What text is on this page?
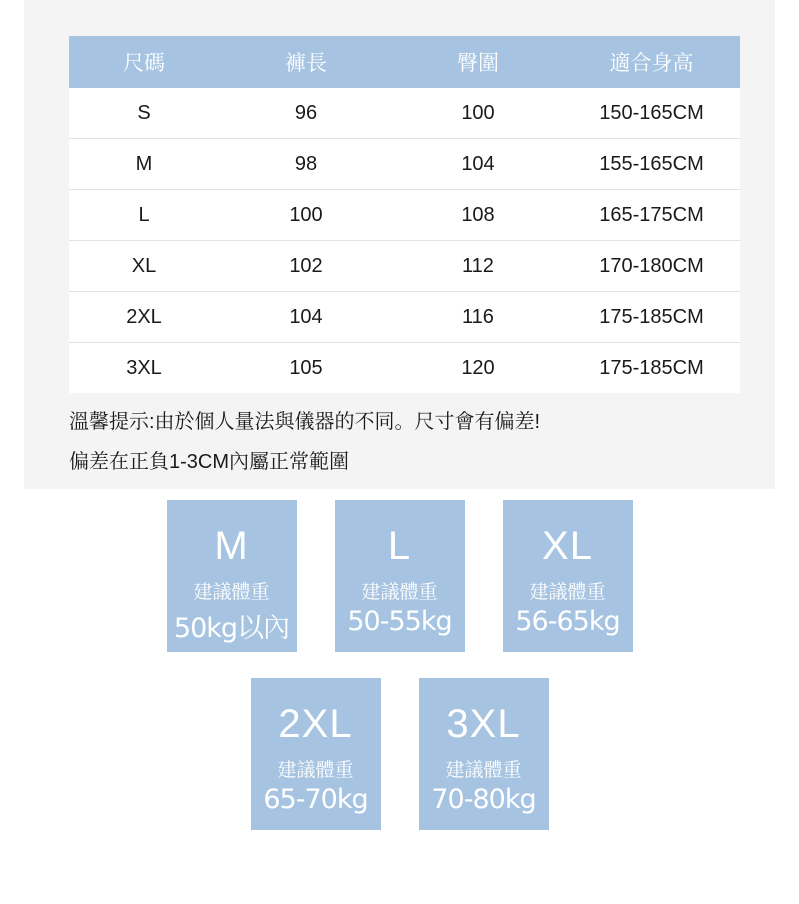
尺碼	褲長	臀圍	適合身高
S	96	100	150-165CM
M	98	104	155-165CM
L	100	108	165-175CM
XL	102	112	170-180CM
2XL	104	116	175-185CM
3XL	105	120	175-185CM
溫馨提示:由於個人量法與儀器的不同。尺寸會有偏差!
偏差在正負1-3CM內屬正常範圍
M
建議體重
50kg以內
L
建議體重
50-55kg
XL
建議體重
56-65kg
2XL
建議體重
65-70kg
3XL
建議體重
70-80kg
